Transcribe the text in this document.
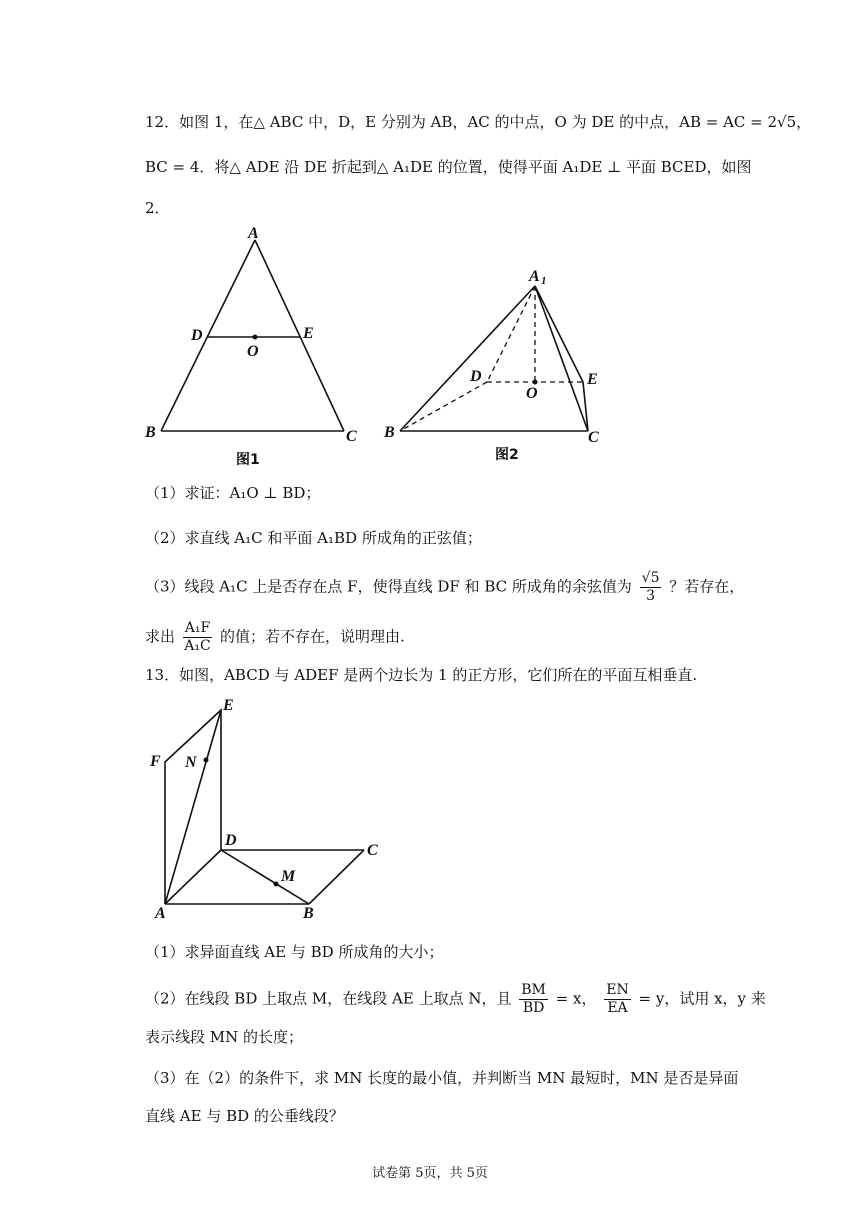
12．如图 1，在△ ABC 中，D，E 分别为 AB，AC 的中点，O 为 DE 的中点，AB = AC = 2√5，
BC = 4．将△ ADE 沿 DE 折起到△ A₁DE 的位置，使得平面 A₁DE ⊥ 平面 BCED，如图
2．
A
B	C
D	E
O
图1
A 1
B	C
D	E
O
图2
A	B
C
D
E
F
M
N
（1）求证：A₁O ⊥ BD；
（2）求直线 A₁C 和平面 A₁BD 所成角的正弦值；
（3）线段 A₁C 上是否存在点 F，使得直线 DF 和 BC 所成角的余弦值为 $\frac{√5}{3}$ ？若存在，
求出 $\frac{\text{A₁F}}{\text{A₁C}}$ 的值；若不存在，说明理由.
13．如图，ABCD 与 ADEF 是两个边长为 1 的正方形，它们所在的平面互相垂直.
（1）求异面直线 AE 与 BD 所成角的大小；
（2）在线段 BD 上取点 M，在线段 AE 上取点 N，且 $\frac{BM}{BD} = x$， $\frac{EN}{EA} = y$，试用 x，y 来
表示线段 MN 的长度；
（3）在（2）的条件下，求 MN 长度的最小值，并判断当 MN 最短时，MN 是否是异面
直线 AE 与 BD 的公垂线段？
试卷第 5页，共 5页
